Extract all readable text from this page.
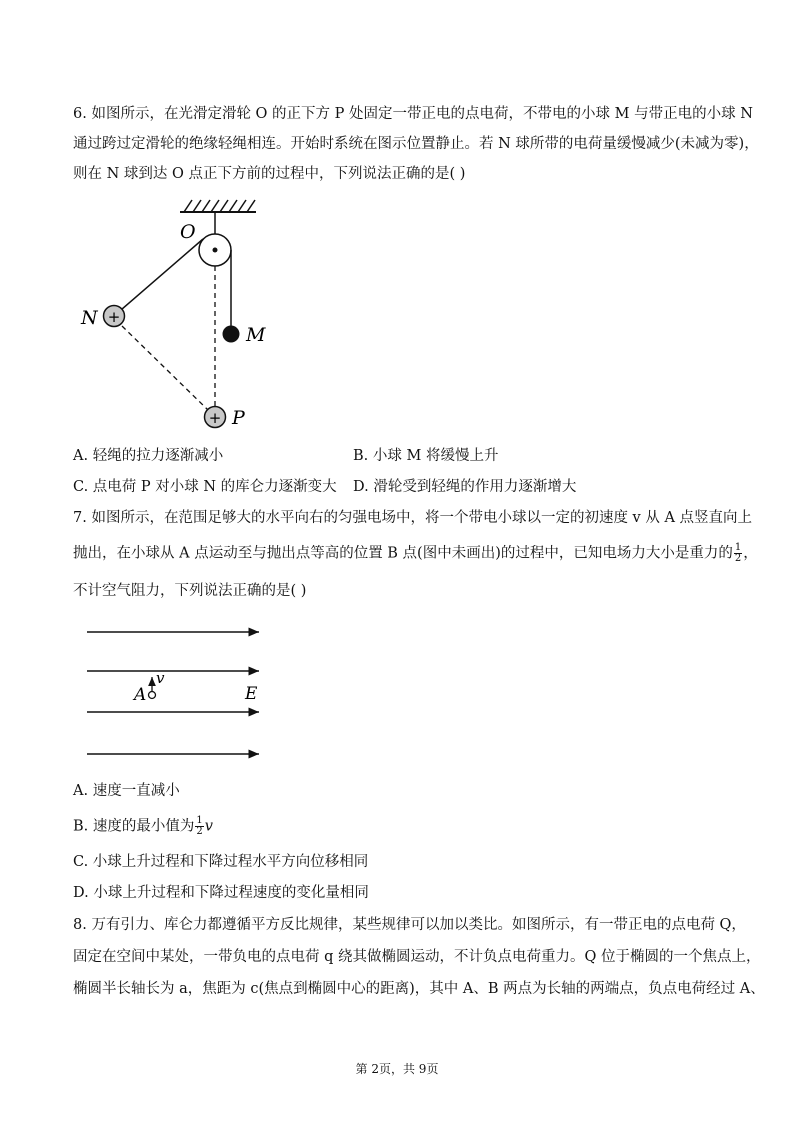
6. 如图所示，在光滑定滑轮 O 的正下方 P 处固定一带正电的点电荷，不带电的小球 M 与带正电的小球 N
通过跨过定滑轮的绝缘轻绳相连。开始时系统在图示位置静止。若 N 球所带的电荷量缓慢减少(未减为零)，
则在 N 球到达 O 点正下方前的过程中，下列说法正确的是( )
O
N
M
P
+
+
A. 轻绳的拉力逐渐减小	B. 小球 M 将缓慢上升
C. 点电荷 P 对小球 N 的库仑力逐渐变大 D. 滑轮受到轻绳的作用力逐渐增大
7. 如图所示，在范围足够大的水平向右的匀强电场中，将一个带电小球以一定的初速度 v 从 A 点竖直向上
抛出，在小球从 A 点运动至与抛出点等高的位置 B 点(图中未画出)的过程中，已知电场力大小是重力的 $\frac{1}{2}$ ，
不计空气阻力，下列说法正确的是( )
A
v
E
A. 速度一直减小
B. 速度的最小值为 $\frac{1}{2}$ v
C. 小球上升过程和下降过程水平方向位移相同
D. 小球上升过程和下降过程速度的变化量相同
8. 万有引力、库仑力都遵循平方反比规律，某些规律可以加以类比。如图所示，有一带正电的点电荷 Q，
固定在空间中某处，一带负电的点电荷 q 绕其做椭圆运动，不计负点电荷重力。Q 位于椭圆的一个焦点上，
椭圆半长轴长为 a，焦距为 c(焦点到椭圆中心的距离)，其中 A、B 两点为长轴的两端点，负点电荷经过 A、
第 2页，共 9页
